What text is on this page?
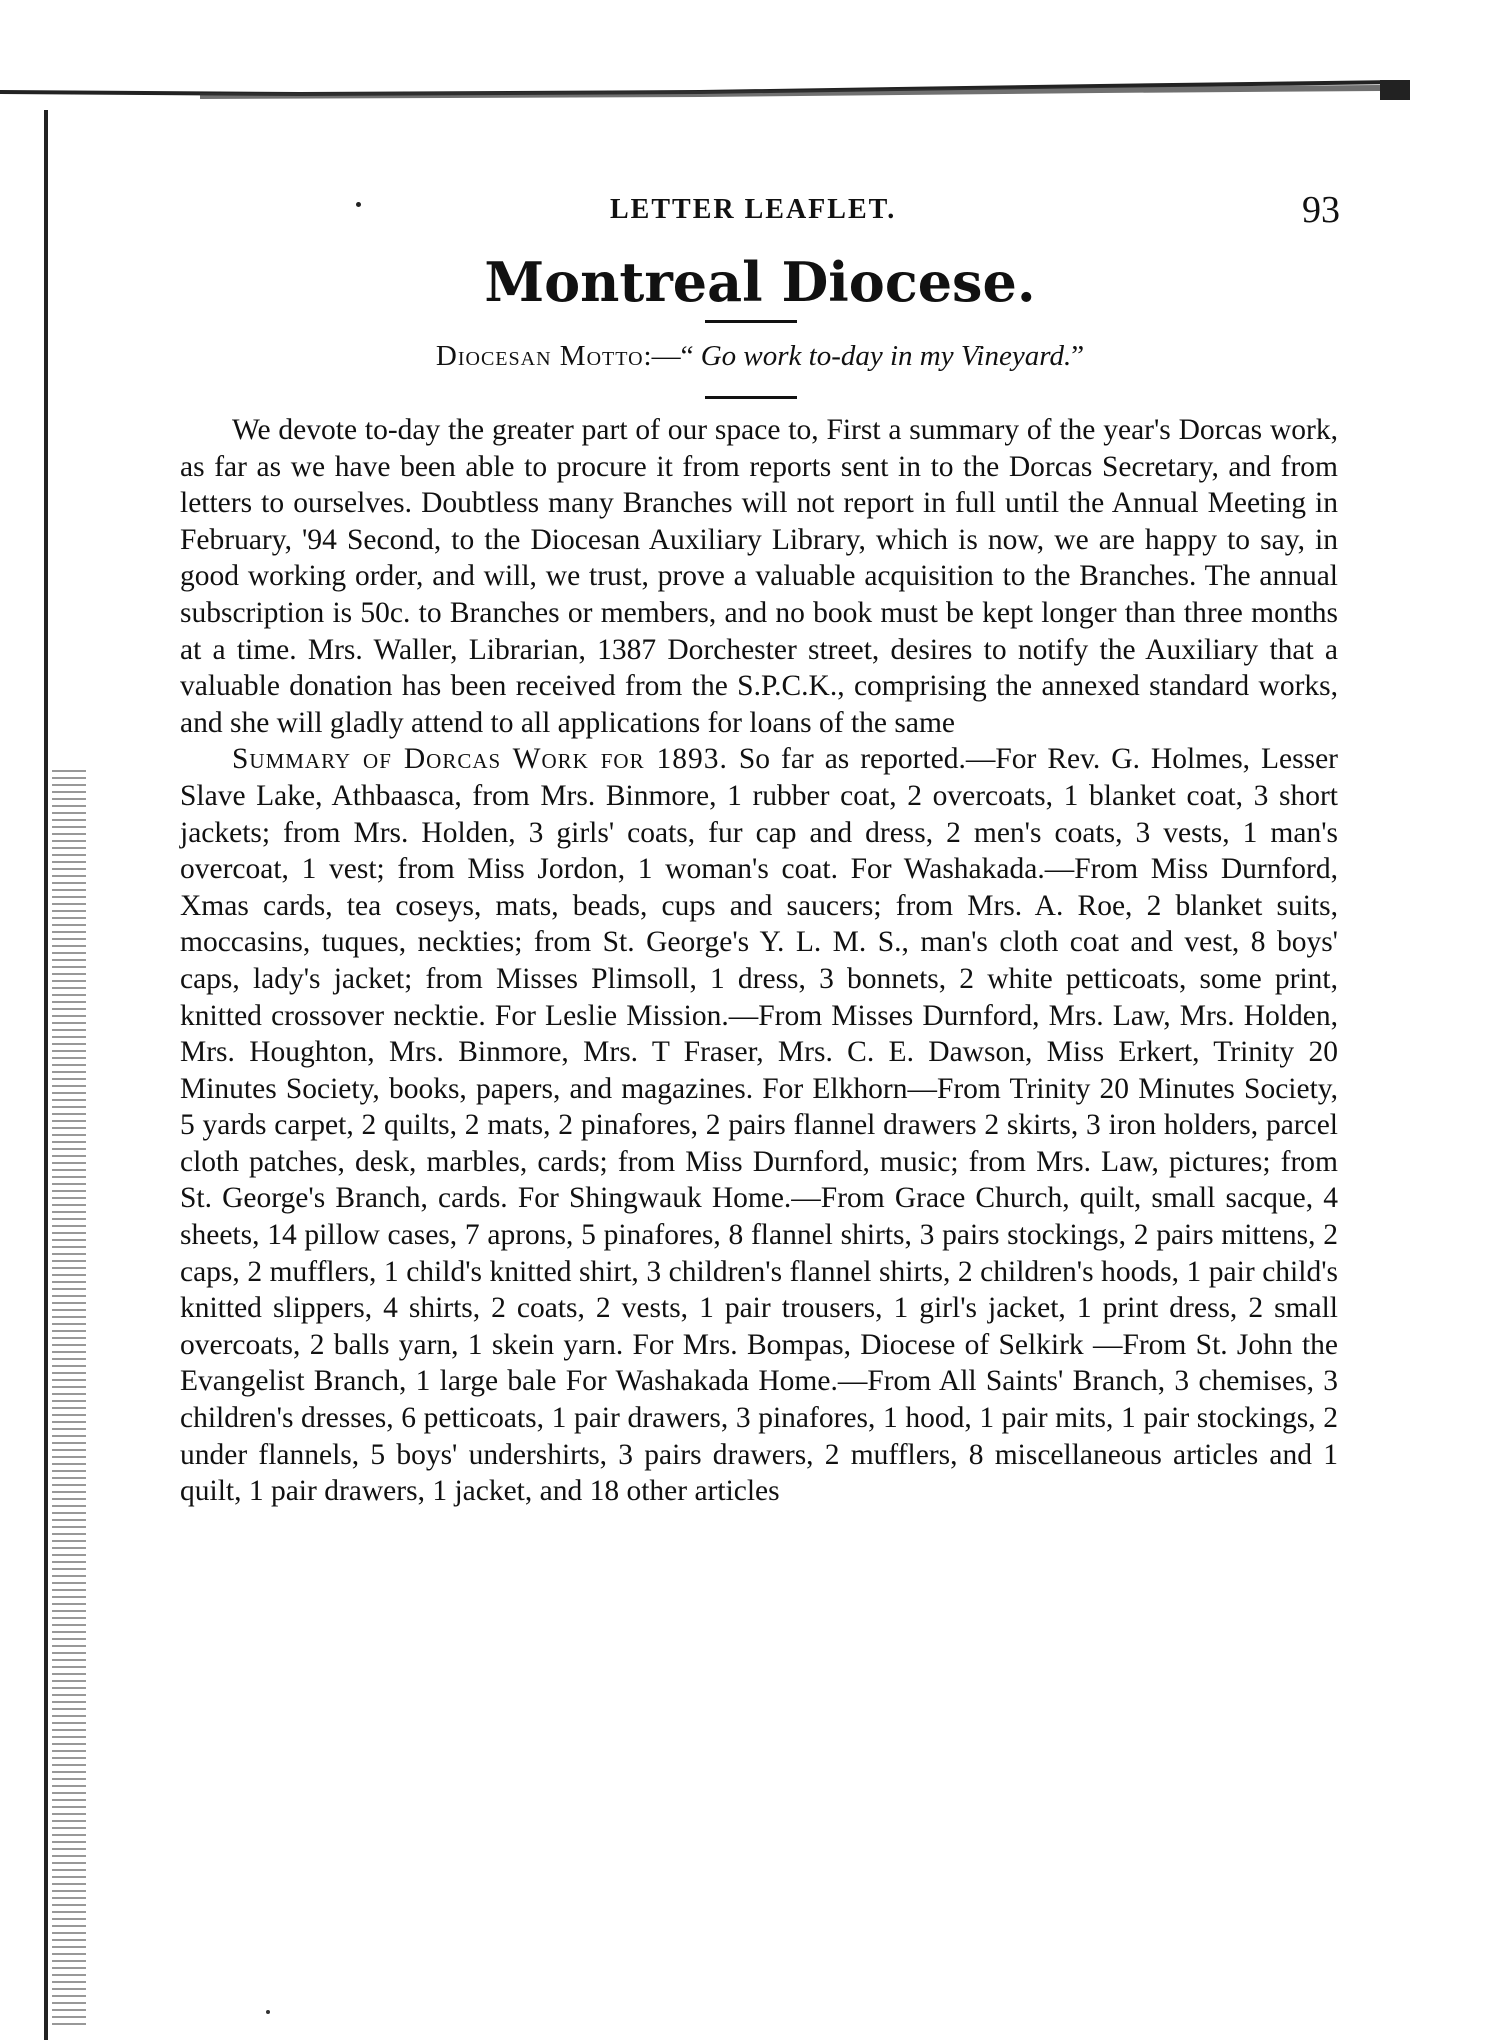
LETTER LEAFLET.	93
Montreal Diocese.
Diocesan Motto:—“ Go work to-day in my Vineyard.”

We devote to-day the greater part of our space to, First a summary of the year's Dorcas work, as far as we have been able to procure it from reports sent in to the Dorcas Secretary, and from letters to ourselves. Doubtless many Branches will not report in full until the Annual Meeting in February, '94 Second, to the Diocesan Auxiliary Library, which is now, we are happy to say, in good working order, and will, we trust, prove a valuable acquisition to the Branches. The annual subscription is 50c. to Branches or members, and no book must be kept longer than three months at a time. Mrs. Waller, Librarian, 1387 Dorchester street, desires to notify the Auxiliary that a valuable donation has been received from the S.P.C.K., comprising the annexed standard works, and she will gladly attend to all applications for loans of the same

Summary of Dorcas Work for 1893. So far as reported.—For Rev. G. Holmes, Lesser Slave Lake, Athbaasca, from Mrs. Binmore, 1 rubber coat, 2 overcoats, 1 blanket coat, 3 short jackets; from Mrs. Holden, 3 girls' coats, fur cap and dress, 2 men's coats, 3 vests, 1 man's overcoat, 1 vest; from Miss Jordon, 1 woman's coat. For Washakada.—From Miss Durnford, Xmas cards, tea coseys, mats, beads, cups and saucers; from Mrs. A. Roe, 2 blanket suits, moccasins, tuques, neckties; from St. George's Y. L. M. S., man's cloth coat and vest, 8 boys' caps, lady's jacket; from Misses Plimsoll, 1 dress, 3 bonnets, 2 white petticoats, some print, knitted crossover necktie. For Leslie Mission.—From Misses Durnford, Mrs. Law, Mrs. Holden, Mrs. Houghton, Mrs. Binmore, Mrs. T Fraser, Mrs. C. E. Dawson, Miss Erkert, Trinity 20 Minutes Society, books, papers, and magazines. For Elkhorn—From Trinity 20 Minutes Society, 5 yards carpet, 2 quilts, 2 mats, 2 pinafores, 2 pairs flannel drawers 2 skirts, 3 iron holders, parcel cloth patches, desk, marbles, cards; from Miss Durnford, music; from Mrs. Law, pictures; from St. George's Branch, cards. For Shingwauk Home.—From Grace Church, quilt, small sacque, 4 sheets, 14 pillow cases, 7 aprons, 5 pinafores, 8 flannel shirts, 3 pairs stockings, 2 pairs mittens, 2 caps, 2 mufflers, 1 child's knitted shirt, 3 children's flannel shirts, 2 children's hoods, 1 pair child's knitted slippers, 4 shirts, 2 coats, 2 vests, 1 pair trousers, 1 girl's jacket, 1 print dress, 2 small overcoats, 2 balls yarn, 1 skein yarn. For Mrs. Bompas, Diocese of Selkirk —From St. John the Evangelist Branch, 1 large bale For Washakada Home.—From All Saints' Branch, 3 chemises, 3 children's dresses, 6 petticoats, 1 pair drawers, 3 pinafores, 1 hood, 1 pair mits, 1 pair stockings, 2 under flannels, 5 boys' undershirts, 3 pairs drawers, 2 mufflers, 8 miscellaneous articles and 1 quilt, 1 pair drawers, 1 jacket, and 18 other articles
